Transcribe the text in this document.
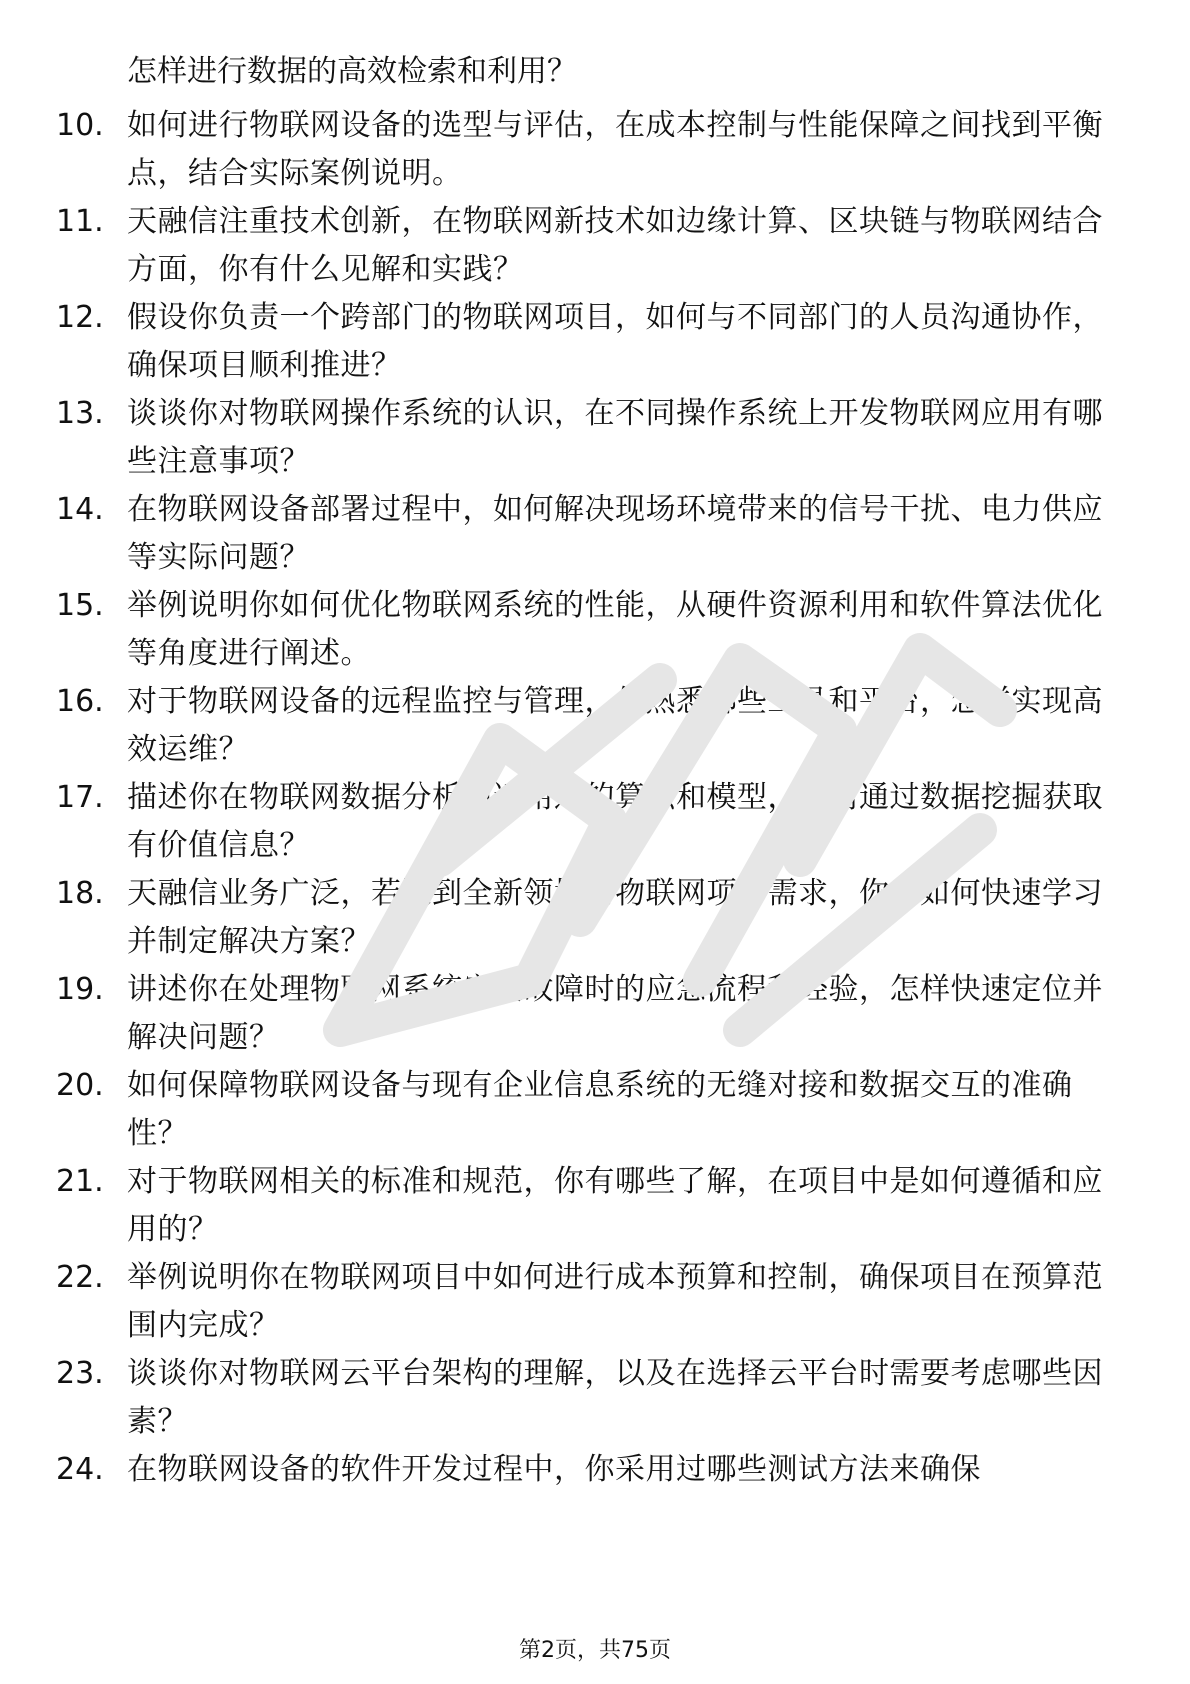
怎样进行数据的高效检索和利用？
10. 如何进行物联网设备的选型与评估，在成本控制与性能保障之间找到平衡点，结合实际案例说明。
11. 天融信注重技术创新，在物联网新技术如边缘计算、区块链与物联网结合方面，你有什么见解和实践？
12. 假设你负责一个跨部门的物联网项目，如何与不同部门的人员沟通协作，确保项目顺利推进？
13. 谈谈你对物联网操作系统的认识，在不同操作系统上开发物联网应用有哪些注意事项？
14. 在物联网设备部署过程中，如何解决现场环境带来的信号干扰、电力供应等实际问题？
15. 举例说明你如何优化物联网系统的性能，从硬件资源利用和软件算法优化等角度进行阐述。
16. 对于物联网设备的远程监控与管理，你熟悉哪些工具和平台，怎样实现高效运维？
17. 描述你在物联网数据分析中运用过的算法和模型，如何通过数据挖掘获取有价值信息？
18. 天融信业务广泛，若遇到全新领域的物联网项目需求，你会如何快速学习并制定解决方案？
19. 讲述你在处理物联网系统突发故障时的应急流程和经验，怎样快速定位并解决问题？
20. 如何保障物联网设备与现有企业信息系统的无缝对接和数据交互的准确性？
21. 对于物联网相关的标准和规范，你有哪些了解，在项目中是如何遵循和应用的？
22. 举例说明你在物联网项目中如何进行成本预算和控制，确保项目在预算范围内完成？
23. 谈谈你对物联网云平台架构的理解，以及在选择云平台时需要考虑哪些因素？
24. 在物联网设备的软件开发过程中，你采用过哪些测试方法来确保
第2页，共75页
